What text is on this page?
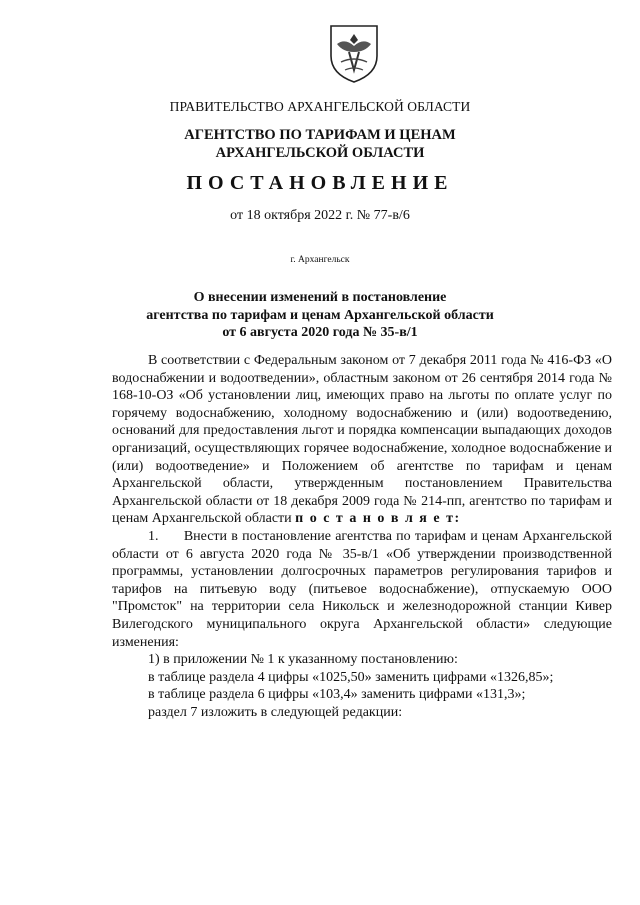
ПРАВИТЕЛЬСТВО АРХАНГЕЛЬСКОЙ ОБЛАСТИ
АГЕНТСТВО ПО ТАРИФАМ И ЦЕНАМ
АРХАНГЕЛЬСКОЙ ОБЛАСТИ
ПОСТАНОВЛЕНИЕ
от 18 октября 2022 г. № 77-в/6
г. Архангельск
О внесении изменений в постановление
агентства по тарифам и ценам Архангельской области
от 6 августа 2020 года № 35-в/1

В соответствии с Федеральным законом от 7 декабря 2011 года № 416-ФЗ «О водоснабжении и водоотведении», областным законом от 26 сентября 2014 года № 168-10-ОЗ «Об установлении лиц, имеющих право на льготы по оплате услуг по горячему водоснабжению, холодному водоснабжению и (или) водоотведению, оснований для предоставления льгот и порядка компенсации выпадающих доходов организаций, осуществляющих горячее водоснабжение, холодное водоснабжение и (или) водоотведение» и Положением об агентстве по тарифам и ценам Архангельской области, утвержденным постановлением Правительства Архангельской области от 18 декабря 2009 года № 214-пп, агентство по тарифам и ценам Архангельской области п о с т а н о в л я е т:

1.      Внести в постановление агентства по тарифам и ценам Архангельской области от 6 августа 2020 года № 35-в/1 «Об утверждении производственной программы, установлении долгосрочных параметров регулирования тарифов и тарифов на питьевую воду (питьевое водоснабжение), отпускаемую ООО "Промсток" на территории села Никольск и железнодорожной станции Кивер Вилегодского муниципального округа Архангельской области» следующие изменения:

1) в приложении № 1 к указанному постановлению:

в таблице раздела 4 цифры «1025,50» заменить цифрами «1326,85»;

в таблице раздела 6 цифры «103,4» заменить цифрами «131,3»;

раздел 7 изложить в следующей редакции:
